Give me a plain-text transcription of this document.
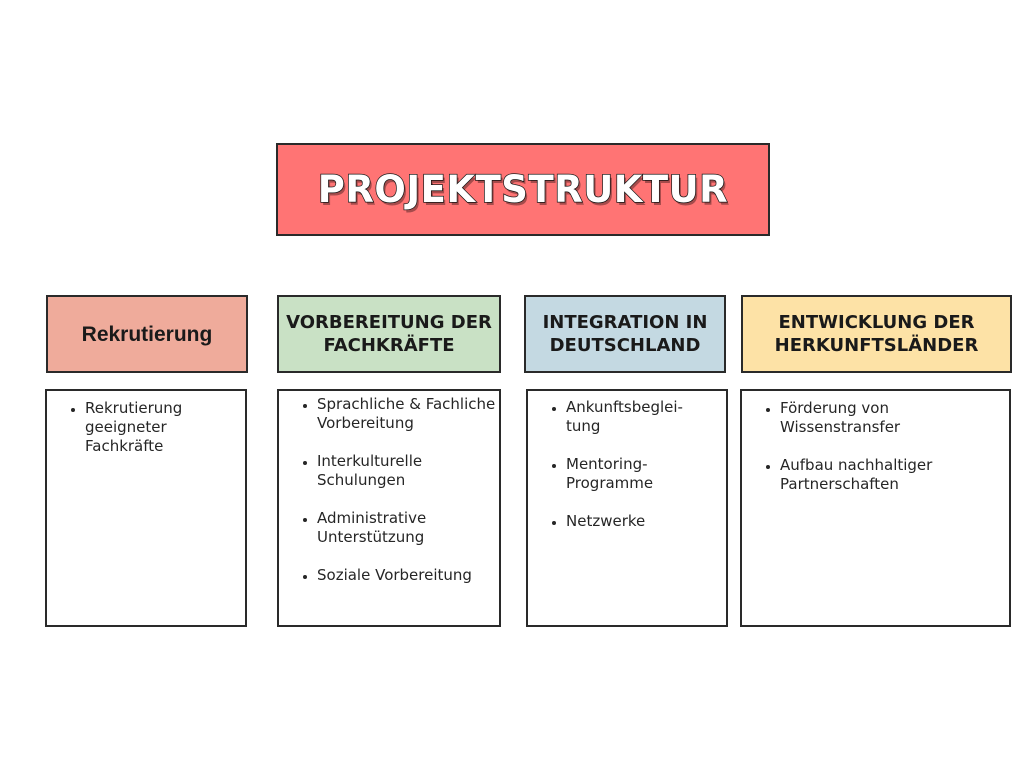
PROJEKTSTRUKTUR
Rekrutierung	VORBEREITUNG DER FACHKRÄFTE
INTEGRATION IN DEUTSCHLAND
ENTWICKLUNG DER HERKUNFTSLÄNDER
• Rekrutierung geeigneter Fachkräfte
• Sprachliche & Fachliche Vorbereitung
• Interkulturelle Schulungen
• Administrative Unterstützung
• Soziale Vorbereitung
• Ankunftsbeglei- tung
• Mentoring-Programme
• Netzwerke
• Förderung von Wissenstransfer
• Aufbau nachhaltiger Partnerschaften
